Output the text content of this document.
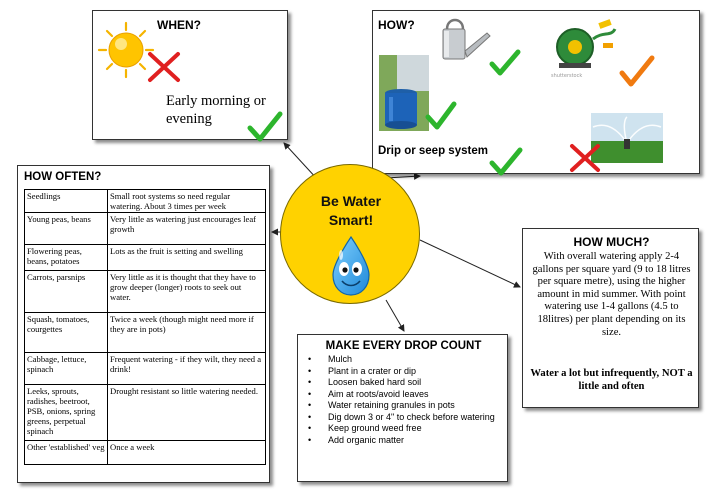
WHEN?
Early morning or evening
HOW?
shutterstock
Drip or seep system
HOW OFTEN?
Seedlings	Small root systems so need regular watering. About 3 times per week
Young peas, beans	Very little as watering just encourages leaf growth
Flowering peas, beans, potatoes	Lots as the fruit is setting and swelling
Carrots, parsnips	Very little as it is thought that they have to grow deeper (longer) roots to seek out water.
Squash, tomatoes, courgettes	Twice a week (though might need more if they are in pots)
Cabbage, lettuce, spinach	Frequent watering - if they wilt, they need a drink!
Leeks, sprouts, radishes, beetroot, PSB, onions, spring greens, perpetual spinach	Drought resistant so little watering needed.
Other 'established' veg	Once a week
Be Water
Smart!
HOW MUCH?
With overall watering apply 2-4 gallons per square yard (9 to 18 litres per square metre), using the higher amount in mid summer. With point watering use 1-4 gallons (4.5 to 18litres) per plant depending on its size.
Water a lot but infrequently, NOT a little and often
MAKE EVERY DROP COUNT
• Mulch
• Plant in a crater or dip
• Loosen baked hard soil
• Aim at roots/avoid leaves
• Water retaining granules in pots
• Dig down 3 or 4" to check before watering
• Keep ground weed free
• Add organic matter
